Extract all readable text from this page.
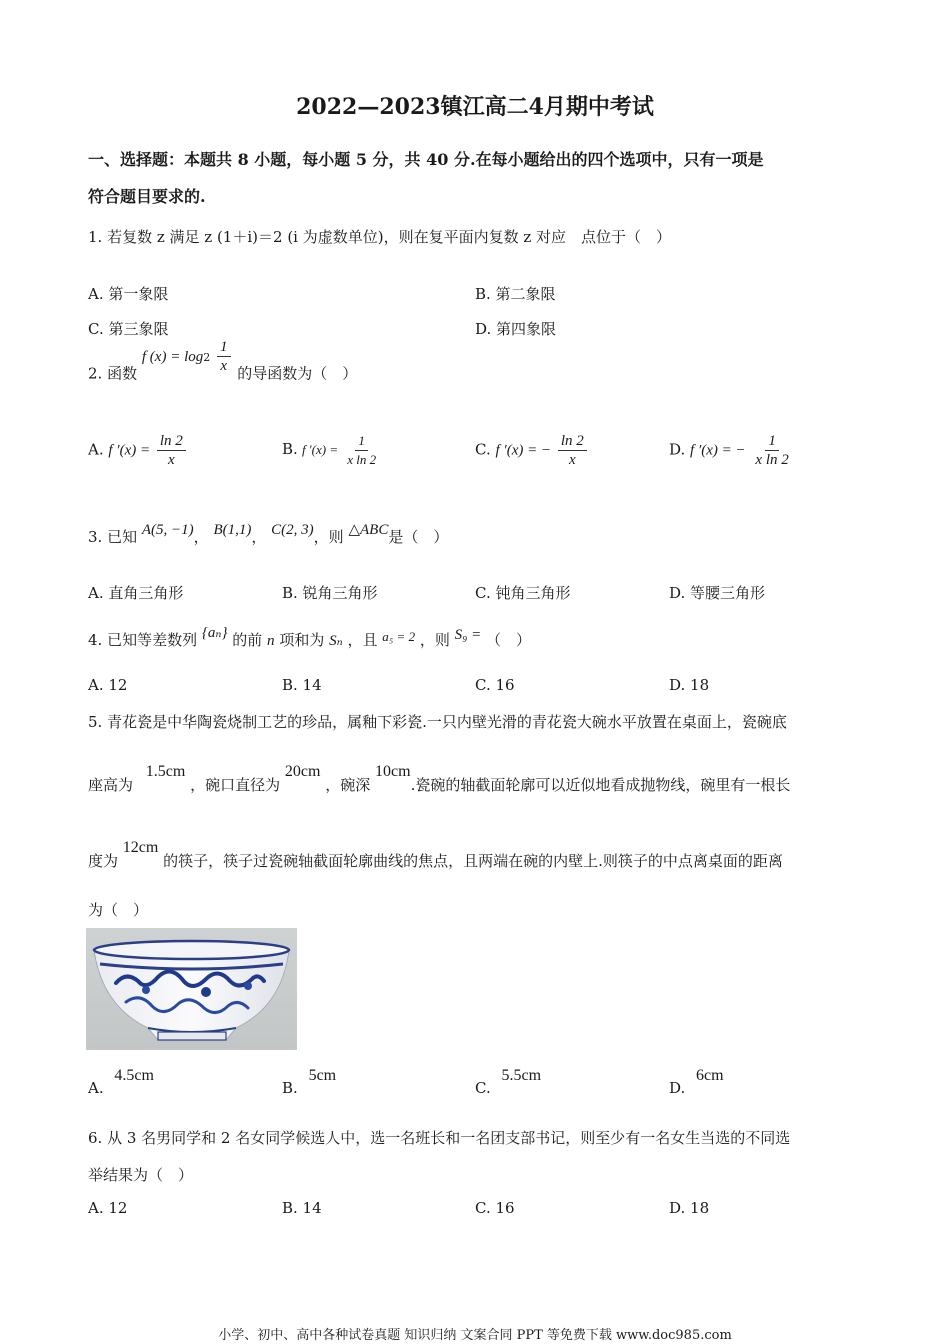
2022—2023镇江高二4月期中考试
一、选择题：本题共 8 小题，每小题 5 分，共 40 分.在每小题给出的四个选项中，只有一项是
符合题目要求的.
1. 若复数 z 满足 z (1＋i)＝2 (i 为虚数单位)，则在复平面内复数 z 对应　点位于（　）
A. 第一象限	B. 第二象限
C. 第三象限	D. 第四象限
2. 函数 f $(x) = \log 2 \frac{1}{x}$ 的导函数为（　）
A. f $'(x) = \frac{\ln 2}{x}$	B. f $'(x) = \frac{1}{\text{x ln 2}}$	C. f ′(x) = − $\frac{\ln 2}{x}$	D. f ′(x) = − $\frac{1}{\text{x ln 2}}$
3. 已知 A(5, −1)， B(1,1)， C(2, 3)，则 △ABC是（　）
A. 直角三角形	B. 锐角三角形	C. 钝角三角形	D. 等腰三角形
4. 已知等差数列 {aₙ} 的前 n 项和为 Sₙ ，且 a₅ = 2 ，则 S₉ = （　）
A. 12	B. 14	C. 16	D. 18
5. 青花瓷是中华陶瓷烧制工艺的珍品，属釉下彩瓷.一只内壁光滑的青花瓷大碗水平放置在桌面上，瓷碗底
座高为 1.5cm ，碗口直径为 20cm ，碗深 10cm.瓷碗的轴截面轮廓可以近似地看成抛物线，碗里有一根长
度为 12cm 的筷子，筷子过瓷碗轴截面轮廓曲线的焦点，且两端在碗的内壁上.则筷子的中点离桌面的距离
为（　）
A. 4.5cm
B. 5cm
C. 5.5cm
D. 6cm
6. 从 3 名男同学和 2 名女同学候选人中，选一名班长和一名团支部书记，则至少有一名女生当选的不同选
举结果为（　）
A. 12	B. 14	C. 16	D. 18
小学、初中、高中各种试卷真题 知识归纳 文案合同 PPT 等免费下载 www.doc985.com
